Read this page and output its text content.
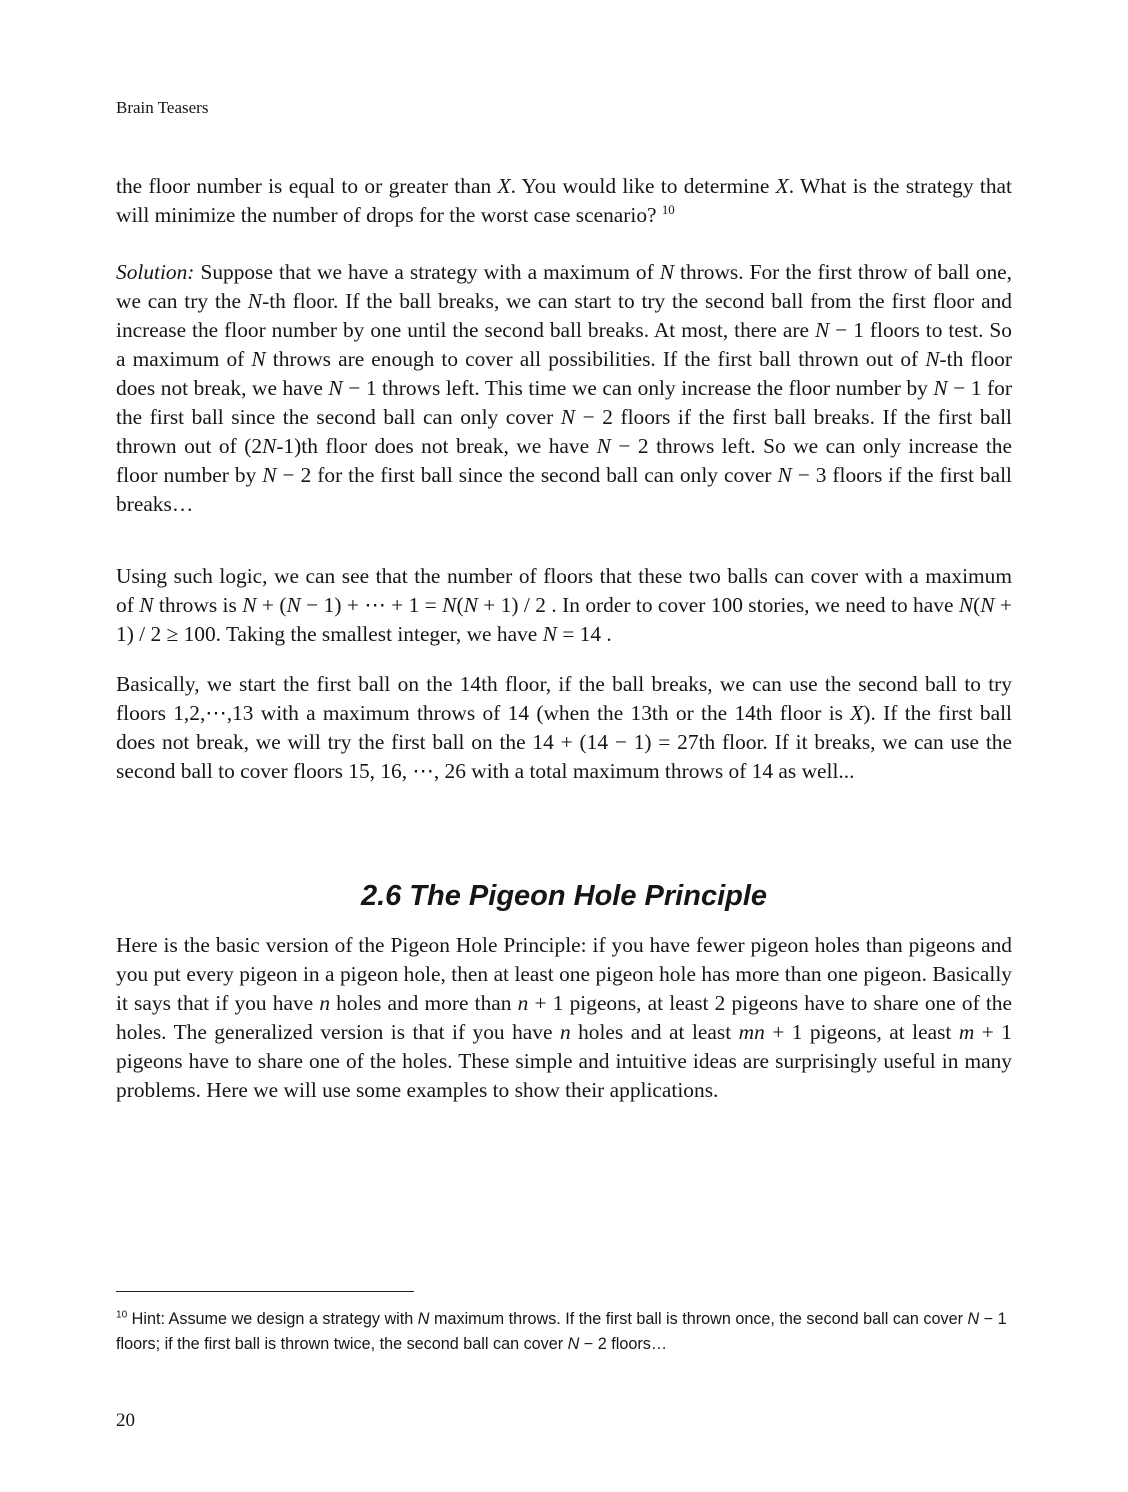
Brain Teasers

the floor number is equal to or greater than X. You would like to determine X. What is the strategy that will minimize the number of drops for the worst case scenario? $^{10}$

Solution: Suppose that we have a strategy with a maximum of N throws. For the first throw of ball one, we can try the N-th floor. If the ball breaks, we can start to try the second ball from the first floor and increase the floor number by one until the second ball breaks. At most, there are N − 1 floors to test. So a maximum of N throws are enough to cover all possibilities. If the first ball thrown out of N-th floor does not break, we have N − 1 throws left. This time we can only increase the floor number by N − 1 for the first ball since the second ball can only cover N − 2 floors if the first ball breaks. If the first ball thrown out of (2N-1)th floor does not break, we have N − 2 throws left. So we can only increase the floor number by N − 2 for the first ball since the second ball can only cover N − 3 floors if the first ball breaks…

Using such logic, we can see that the number of floors that these two balls can cover with a maximum of N throws is N + (N − 1) + ⋯ + 1 = N(N + 1) / 2 . In order to cover 100 stories, we need to have N(N + 1) / 2 ≥ 100. Taking the smallest integer, we have N = 14 .

Basically, we start the first ball on the 14th floor, if the ball breaks, we can use the second ball to try floors 1,2,⋯,13 with a maximum throws of 14 (when the 13th or the 14th floor is X). If the first ball does not break, we will try the first ball on the 14 + (14 − 1) = 27th floor. If it breaks, we can use the second ball to cover floors 15, 16, ⋯, 26 with a total maximum throws of 14 as well...

2.6 The Pigeon Hole Principle

Here is the basic version of the Pigeon Hole Principle: if you have fewer pigeon holes than pigeons and you put every pigeon in a pigeon hole, then at least one pigeon hole has more than one pigeon. Basically it says that if you have n holes and more than n + 1 pigeons, at least 2 pigeons have to share one of the holes. The generalized version is that if you have n holes and at least mn + 1 pigeons, at least m + 1 pigeons have to share one of the holes. These simple and intuitive ideas are surprisingly useful in many problems. Here we will use some examples to show their applications.

$^{10}$ Hint: Assume we design a strategy with N maximum throws. If the first ball is thrown once, the second ball can cover N − 1 floors; if the first ball is thrown twice, the second ball can cover N − 2 floors…
20
